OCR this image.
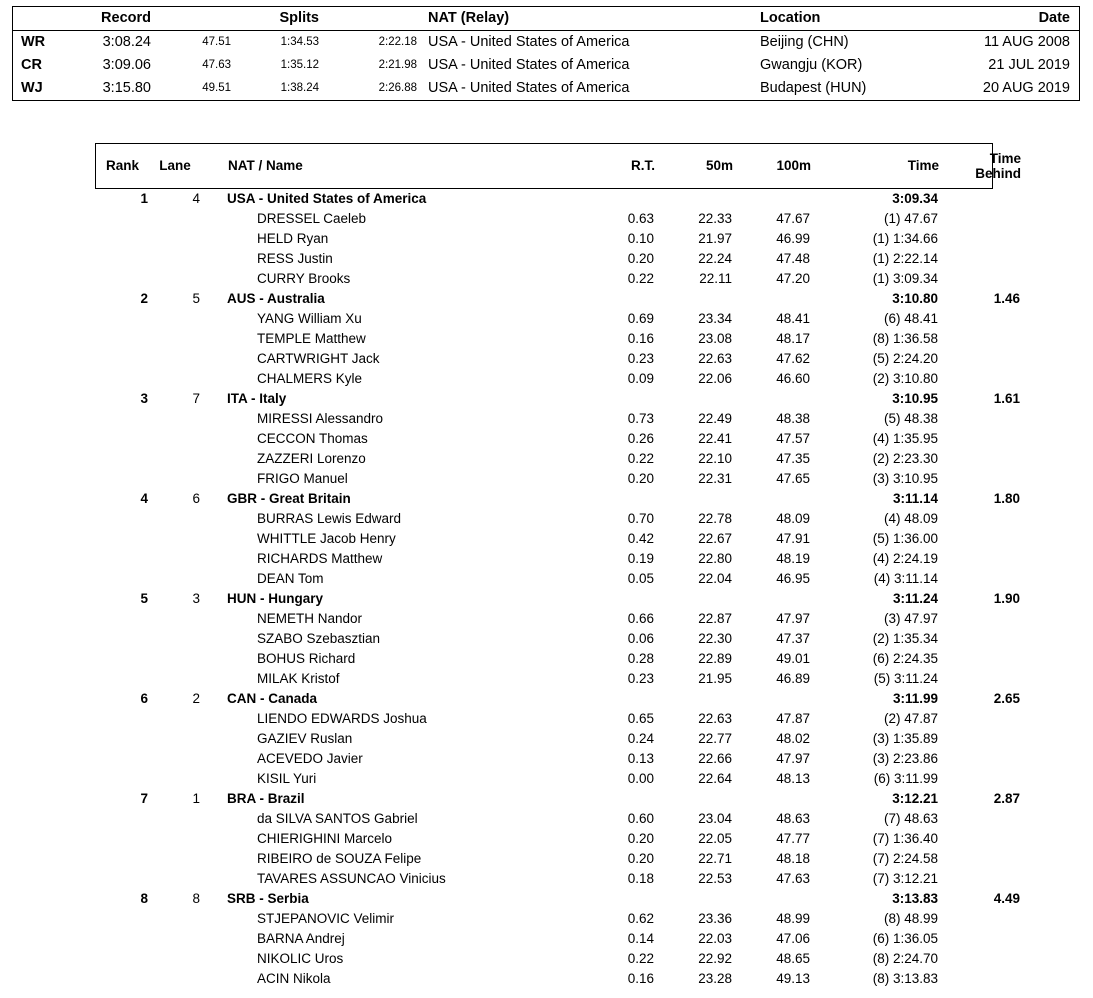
	Record		Splits		NAT (Relay)	Location	Date
WR	3:08.24	47.51	1:34.53	2:22.18	USA - United States of America	Beijing (CHN)	11 AUG 2008
CR	3:09.06	47.63	1:35.12	2:21.98	USA - United States of America	Gwangju (KOR)	21 JUL 2019
WJ	3:15.80	49.51	1:38.24	2:26.88	USA - United States of America	Budapest (HUN)	20 AUG 2019
Rank	Lane	NAT / Name	R.T.	50m	100m	Time	Time
Behind
1	4	USA - United States of America				3:09.34	
		DRESSEL Caeleb	0.63	22.33	47.67	(1) 47.67	
		HELD Ryan	0.10	21.97	46.99	(1) 1:34.66	
		RESS Justin	0.20	22.24	47.48	(1) 2:22.14	
		CURRY Brooks	0.22	22.11	47.20	(1) 3:09.34	
2	5	AUS - Australia				3:10.80	1.46
		YANG William Xu	0.69	23.34	48.41	(6) 48.41	
		TEMPLE Matthew	0.16	23.08	48.17	(8) 1:36.58	
		CARTWRIGHT Jack	0.23	22.63	47.62	(5) 2:24.20	
		CHALMERS Kyle	0.09	22.06	46.60	(2) 3:10.80	
3	7	ITA - Italy				3:10.95	1.61
		MIRESSI Alessandro	0.73	22.49	48.38	(5) 48.38	
		CECCON Thomas	0.26	22.41	47.57	(4) 1:35.95	
		ZAZZERI Lorenzo	0.22	22.10	47.35	(2) 2:23.30	
		FRIGO Manuel	0.20	22.31	47.65	(3) 3:10.95	
4	6	GBR - Great Britain				3:11.14	1.80
		BURRAS Lewis Edward	0.70	22.78	48.09	(4) 48.09	
		WHITTLE Jacob Henry	0.42	22.67	47.91	(5) 1:36.00	
		RICHARDS Matthew	0.19	22.80	48.19	(4) 2:24.19	
		DEAN Tom	0.05	22.04	46.95	(4) 3:11.14	
5	3	HUN - Hungary				3:11.24	1.90
		NEMETH Nandor	0.66	22.87	47.97	(3) 47.97	
		SZABO Szebasztian	0.06	22.30	47.37	(2) 1:35.34	
		BOHUS Richard	0.28	22.89	49.01	(6) 2:24.35	
		MILAK Kristof	0.23	21.95	46.89	(5) 3:11.24	
6	2	CAN - Canada				3:11.99	2.65
		LIENDO EDWARDS Joshua	0.65	22.63	47.87	(2) 47.87	
		GAZIEV Ruslan	0.24	22.77	48.02	(3) 1:35.89	
		ACEVEDO Javier	0.13	22.66	47.97	(3) 2:23.86	
		KISIL Yuri	0.00	22.64	48.13	(6) 3:11.99	
7	1	BRA - Brazil				3:12.21	2.87
		da SILVA SANTOS Gabriel	0.60	23.04	48.63	(7) 48.63	
		CHIERIGHINI Marcelo	0.20	22.05	47.77	(7) 1:36.40	
		RIBEIRO de SOUZA Felipe	0.20	22.71	48.18	(7) 2:24.58	
		TAVARES ASSUNCAO Vinicius	0.18	22.53	47.63	(7) 3:12.21	
8	8	SRB - Serbia				3:13.83	4.49
		STJEPANOVIC Velimir	0.62	23.36	48.99	(8) 48.99	
		BARNA Andrej	0.14	22.03	47.06	(6) 1:36.05	
		NIKOLIC Uros	0.22	22.92	48.65	(8) 2:24.70	
		ACIN Nikola	0.16	23.28	49.13	(8) 3:13.83	
